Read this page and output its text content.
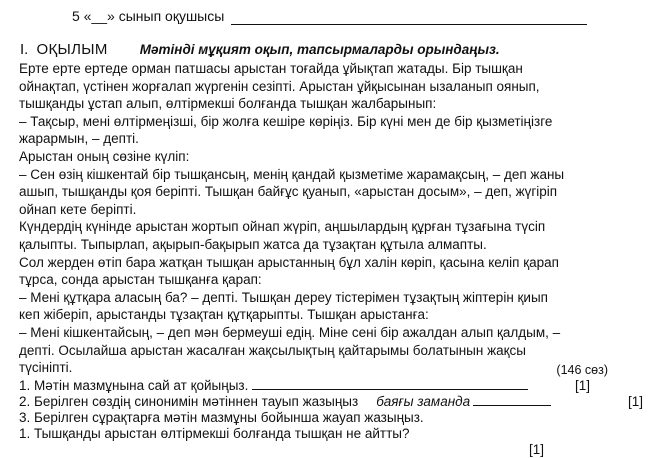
5 «__» сынып оқушысы
I. ОҚЫЛЫМ Мәтінді мұқият оқып, тапсырмаларды орындаңыз.
Ерте ерте ертеде орман патшасы арыстан тоғайда ұйықтап жатады. Бір тышқан
ойнақтап, үстінен жорғалап жүргенін сезіпті. Арыстан ұйқысынан ызаланып оянып,
тышқанды ұстап алып, өлтірмекші болғанда тышқан жалбарынып:
– Тақсыр, мені өлтірмеңізші, бір жолға кешіре көріңіз. Бір күні мен де бір қызметіңізге
жарармын, – депті.
Арыстан оның сөзіне күліп:
– Сен өзің кішкентай бір тышқансың, менің қандай қызметіме жарамақсың, – деп жаны
ашып, тышқанды қоя беріпті. Тышқан байғұс қуанып, «арыстан досым», – деп, жүгіріп
ойнап кете беріпті.
Күндердің күнінде арыстан жортып ойнап жүріп, аңшылардың құрған тұзағына түсіп
қалыпты. Тыпырлап, ақырып-бақырып жатса да тұзақтан құтыла алмапты.
Сол жерден өтіп бара жатқан тышқан арыстанның бұл халін көріп, қасына келіп қарап
тұрса, сонда арыстан тышқанға қарап:
– Мені құтқара аласың ба? – депті. Тышқан дереу тістерімен тұзақтың жіптерін қиып
кеп жіберіп, арыстанды тұзақтан құтқарыпты. Тышқан арыстанға:
– Мені кішкентайсың, – деп мән бермеуші едің. Міне сені бір ажалдан алып қалдым, –
депті. Осылайша арыстан жасалған жақсылықтың қайтарымы болатынын жақсы
түсініпті.	(146 сөз)
1. Мәтін мазмұнына сай ат қойыңыз.	[1]
2. Берілген сөздің синонимін мәтіннен тауып жазыңыз баяғы заманда	[1]
3. Берілген сұрақтарға мәтін мазмұны бойынша жауап жазыңыз.
1. Тышқанды арыстан өлтірмекші болғанда тышқан не айтты?
[1]
